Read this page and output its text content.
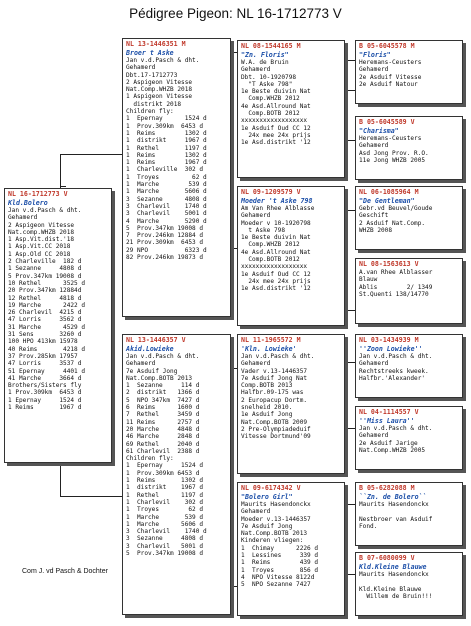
Pédigree Pigeon: NL 16-1712773 V
NL 16-1712773 V
Kld.Bolero
Jan v.d.Pasch & dht.
Gehamerd
2 Aspigeon Vitesse
Nat.comp.WHZB 2018
1 Asp.Vit.dist.'18
1 Asp.Vit.CC 2018
1 Asp.Old CC 2018
2 Charleville  182 d
1 Sezanne     4808 d
5 Prov.347km 19008 d
10 Rethel      3525 d
20 Prov.347km 12884d
12 Rethel     4818 d
19 Marche      2422 d
26 Charlevil  4215 d
47 Lorris     3562 d
31 Marche      4529 d
31 Sens       3260 d
100 HPO 413km 15978
40 Reims       4218 d
37 Prov.285km 17957
47 Lorris     3537 d
51 Epernay     4401 d
41 Marche     3664 d
Brothers/Sisters fly
1 Prov.309km  6453 d
1 Epernay     1524 d
1 Reims       1967 d
NL 13-1446351 M
Broer t Aske
Jan v.d.Pasch & dht.
Gehamerd
Dbt.17-1712773
2 Aspigeon Vitesse
Nat.Comp.WHZB 2018
1 Aspigeon Vitesse
distrikt 2018
Children fly:
1  Epernay      1524 d
1  Prov.309km  6453 d
1  Reims        1302 d
1  distrikt     1967 d
1  Rethel       1197 d
1  Reims        1302 d
1  Reims        1967 d
1  Charleville  302 d
1  Troyes         62 d
1  Marche        539 d
1  Marche       5606 d
3  Sezanne      4808 d
3  Charlevil    1740 d
3  Charlevil    5001 d
4  Marche       5290 d
5  Prov.347km 19008 d
7  Prov.246km 12884 d
21 Prov.309km  6453 d
29 NPO          6323 d
82 Prov.246km 19873 d
NL 13-1446357 V
Akid.Lowieke
Jan v.d.Pasch & dht.
Gehamerd
7e Asduif Jong
Nat.Comp.BOTB 2013
1  Sezanne     114 d
2  distrikt   1366 d
5  NPO 347km  7427 d
6  Reims      1600 d
7  Rethel     3459 d
11 Reims      2757 d
20 Marche     4848 d
46 Marche     2848 d
69 Rethel     2040 d
61 Charlevil  2388 d
Children fly:
1  Epernay     1524 d
1  Prov.309km 6453 d
1  Reims       1302 d
1  distrikt    1967 d
1  Rethel      1197 d
1  Charlevil    302 d
1  Troyes        62 d
1  Marche       539 d
1  Marche      5606 d
3  Charlevil    1740 d
3  Sezanne     4808 d
3  Charlevil   5001 d
5  Prov.347km 19008 d
NL 08-1544165 M
"Zn. Floris"
W.A. de Bruin
Gehamerd
Dbt. 10-1920798
"T Aske 798"
1e Beste duivin Nat
Comp.WHZB 2012
4e Asd.Allround Nat
Comp.BOTB 2012
xxxxxxxxxxxxxxxxxx
1e Asduif Oud CC 12
24x mee 24x prijs
1e Asd.distrikt '12
NL 09-1209579 V
Moeder 't Aske 798
Am Van Rhee Alblasse
Gehamerd
Moeder v 10-1920798
t Aske 798
1e Beste duivin Nat
Comp.WHZB 2012
4e Asd.Allround Nat
Comp.BOTB 2012
xxxxxxxxxxxxxxxxxx
1e Asduif Oud CC 12
24x mee 24x prijs
1e Asd.distrikt '12
NL 11-1965572 M
'Kln. Lowieke'
Jan v.d.Pasch & dht.
Gehamerd
Vader v.13-1446357
7e Asduif Jong Nat
Comp.BOTB 2013
Halfbr.09-175 was
2 Europacup Dortm.
snelheid 2010.
1e Asduif Jong
Nat.Comp.BOTB 2009
2 Pre-Olympiadeduif
Vitesse Dortmund'09
NL 09-6174342 V
"Bolero Girl"
Maurits Hasendonckx
Gehamerd
Moeder v.13-1446357
7e Asduif Jong
Nat.Comp.BOTB 2013
Kinderen vliegen:
1  Chimay      2226 d
1  Lessines     339 d
1  Reims        439 d
1  Troyes       856 d
4  NPO Vitesse 8122d
5  NPO Sezanne 7427
B 05-6045578 M
"Floris"
Heremans-Ceusters
Gehamerd
2e Asduif Vitesse
2e Asduif Natour
B 05-6045589 V
"Charisma"
Heremans-Ceusters
Gehamerd
Asd Jong Prov. R.O.
11e Jong WHZB 2005
NL 06-1085964 M
"De Gentleman"
Gebr.vd Beuvel/Goude
Geschift
2 Asduif Nat.Comp.
WHZB 2008
NL 08-1563613 V
A.van Rhee Alblasser
Blauw
Ablis        2/ 1349
St.Quenti 138/14770
NL 03-1434939 M
''Zoon Lowieke''
Jan v.d.Pasch & dht.
Gehamerd
Rechtstreeks kweek.
Halfbr.'Alexander'
NL 04-1114557 V
''Miss Laura''
Jan v.d.Pasch & dht.
Gehamerd
2e Asduif Jarige
Nat.Comp.WHZB 2005
B 05-6282088 M
``Zn. de Bolero``
Maurits Hasendonckx

Nestbroer van Asduif
Fond.
B 07-6080099 V
Kld.Kleine Blauwe
Maurits Hasendonckx

Kld.Kleine Blauwe
Willem de Bruin!!!
Com J. vd Pasch & Dochter
